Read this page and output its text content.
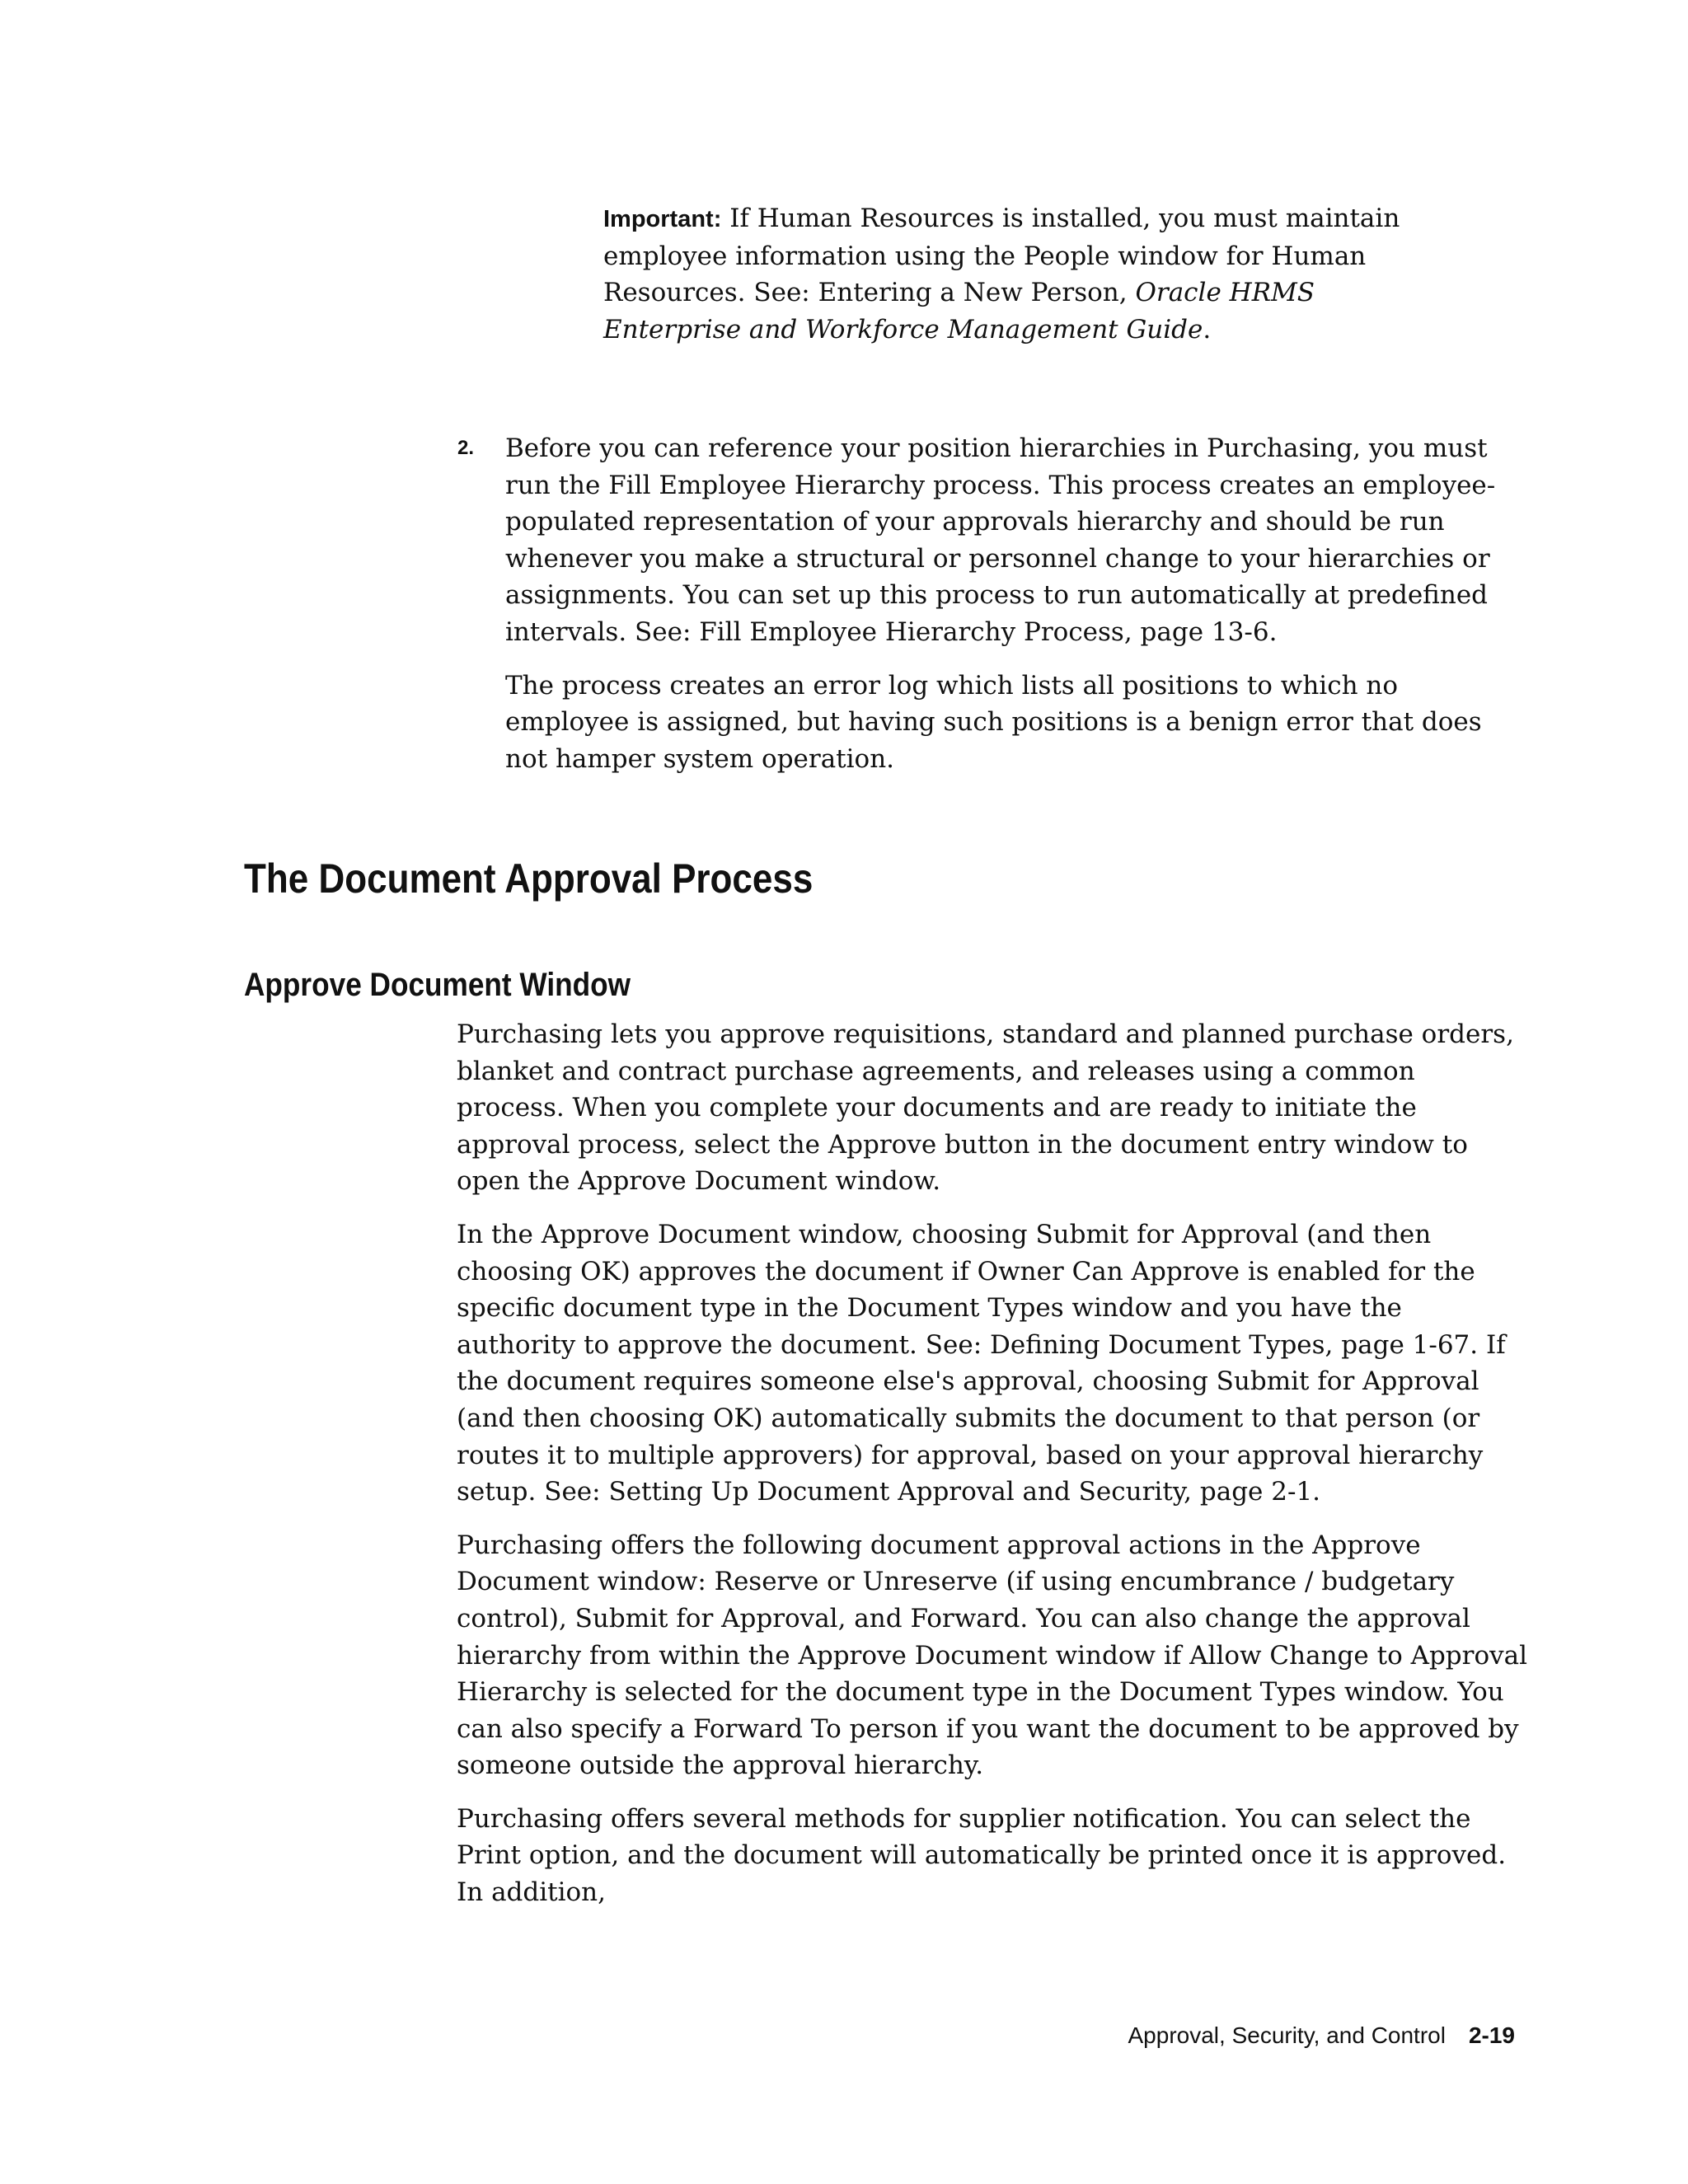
Important: If Human Resources is installed, you must maintain employee information using the People window for Human Resources. See: Entering a New Person, Oracle HRMS Enterprise and Workforce Management Guide.
2. Before you can reference your position hierarchies in Purchasing, you must run the Fill Employee Hierarchy process. This process creates an employee-populated representation of your approvals hierarchy and should be run whenever you make a structural or personnel change to your hierarchies or assignments. You can set up this process to run automatically at predefined intervals. See: Fill Employee Hierarchy Process, page 13-6.

The process creates an error log which lists all positions to which no employee is assigned, but having such positions is a benign error that does not hamper system operation.

The Document Approval Process
Approve Document Window

Purchasing lets you approve requisitions, standard and planned purchase orders, blanket and contract purchase agreements, and releases using a common process. When you complete your documents and are ready to initiate the approval process, select the Approve button in the document entry window to open the Approve Document window.

In the Approve Document window, choosing Submit for Approval (and then choosing OK) approves the document if Owner Can Approve is enabled for the specific document type in the Document Types window and you have the authority to approve the document. See: Defining Document Types, page 1-67. If the document requires someone else's approval, choosing Submit for Approval (and then choosing OK) automatically submits the document to that person (or routes it to multiple approvers) for approval, based on your approval hierarchy setup. See: Setting Up Document Approval and Security, page 2-1.

Purchasing offers the following document approval actions in the Approve Document window: Reserve or Unreserve (if using encumbrance / budgetary control), Submit for Approval, and Forward. You can also change the approval hierarchy from within the Approve Document window if Allow Change to Approval Hierarchy is selected for the document type in the Document Types window. You can also specify a Forward To person if you want the document to be approved by someone outside the approval hierarchy.

Purchasing offers several methods for supplier notification. You can select the Print option, and the document will automatically be printed once it is approved. In addition,

Approval, Security, and Control 2-19
